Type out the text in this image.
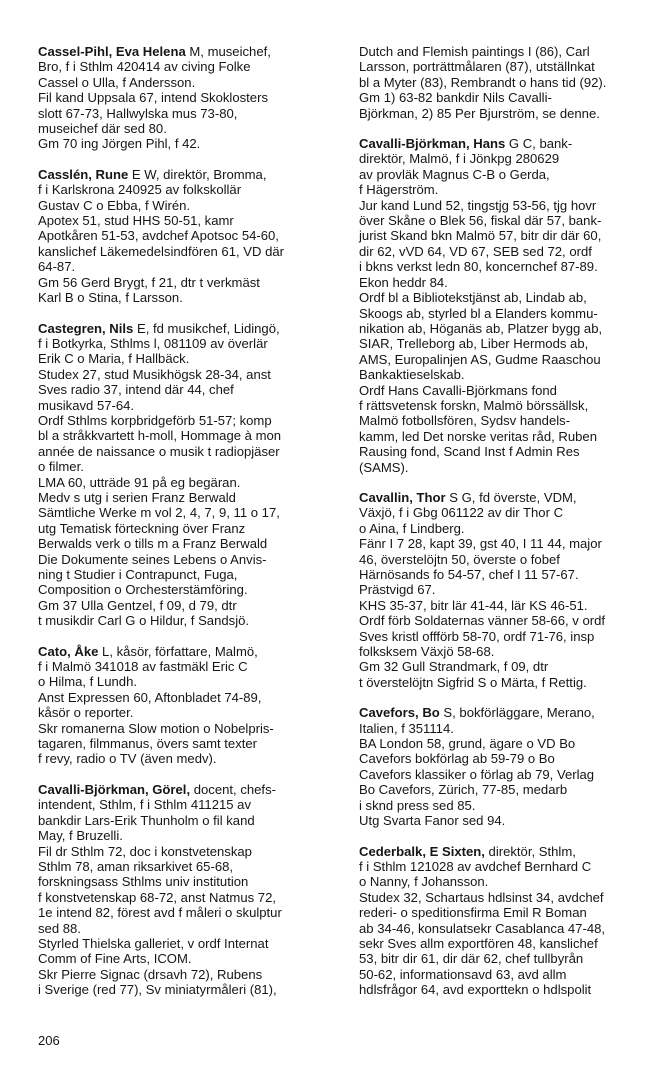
Cassel-Pihl, Eva Helena M, museichef,
Bro, f i Sthlm 420414 av civing Folke
Cassel o Ulla, f Andersson.
Fil kand Uppsala 67, intend Skoklosters
slott 67-73, Hallwylska mus 73-80,
museichef där sed 80.
Gm 70 ing Jörgen Pihl, f 42.
Casslén, Rune E W, direktör, Bromma,
f i Karlskrona 240925 av folkskollär
Gustav C o Ebba, f Wirén.
Apotex 51, stud HHS 50-51, kamr
Apotkåren 51-53, avdchef Apotsoc 54-60,
kanslichef Läkemedelsindfören 61, VD där
64-87.
Gm 56 Gerd Brygt, f 21, dtr t verkmäst
Karl B o Stina, f Larsson.
Castegren, Nils E, fd musikchef, Lidingö,
f i Botkyrka, Sthlms l, 081109 av överlär
Erik C o Maria, f Hallbäck.
Studex 27, stud Musikhögsk 28-34, anst
Sves radio 37, intend där 44, chef
musikavd 57-64.
Ordf Sthlms korpbridgeförb 51-57; komp
bl a stråkkvartett h-moll, Hommage à mon
année de naissance o musik t radiopjäser
o filmer.
LMA 60, utträde 91 på eg begäran.
Medv s utg i serien Franz Berwald
Sämtliche Werke m vol 2, 4, 7, 9, 11 o 17,
utg Tematisk förteckning över Franz
Berwalds verk o tills m a Franz Berwald
Die Dokumente seines Lebens o Anvis-
ning t Studier i Contrapunct, Fuga,
Composition o Orchesterstämföring.
Gm 37 Ulla Gentzel, f 09, d 79, dtr
t musikdir Carl G o Hildur, f Sandsjö.
Cato, Åke L, kåsör, författare, Malmö,
f i Malmö 341018 av fastmäkl Eric C
o Hilma, f Lundh.
Anst Expressen 60, Aftonbladet 74-89,
kåsör o reporter.
Skr romanerna Slow motion o Nobelpris-
tagaren, filmmanus, övers samt texter
f revy, radio o TV (även medv).
Cavalli-Björkman, Görel, docent, chefs-
intendent, Sthlm, f i Sthlm 411215 av
bankdir Lars-Erik Thunholm o fil kand
May, f Bruzelli.
Fil dr Sthlm 72, doc i konstvetenskap
Sthlm 78, aman riksarkivet 65-68,
forskningsass Sthlms univ institution
f konstvetenskap 68-72, anst Natmus 72,
1e intend 82, förest avd f måleri o skulptur
sed 88.
Styrled Thielska galleriet, v ordf Internat
Comm of Fine Arts, ICOM.
Skr Pierre Signac (drsavh 72), Rubens
i Sverige (red 77), Sv miniatyrmåleri (81),
Dutch and Flemish paintings I (86), Carl
Larsson, porträttmålaren (87), utställnkat
bl a Myter (83), Rembrandt o hans tid (92).
Gm 1) 63-82 bankdir Nils Cavalli-
Björkman, 2) 85 Per Bjurström, se denne.
Cavalli-Björkman, Hans G C, bank-
direktör, Malmö, f i Jönkpg 280629
av provläk Magnus C-B o Gerda,
f Hägerström.
Jur kand Lund 52, tingstjg 53-56, tjg hovr
över Skåne o Blek 56, fiskal där 57, bank-
jurist Skand bkn Malmö 57, bitr dir där 60,
dir 62, vVD 64, VD 67, SEB sed 72, ordf
i bkns verkst ledn 80, koncernchef 87-89.
Ekon heddr 84.
Ordf bl a Bibliotekstjänst ab, Lindab ab,
Skoogs ab, styrled bl a Elanders kommu-
nikation ab, Höganäs ab, Platzer bygg ab,
SIAR, Trelleborg ab, Liber Hermods ab,
AMS, Europalinjen AS, Gudme Raaschou
Bankaktieselskab.
Ordf Hans Cavalli-Björkmans fond
f rättsvetensk forskn, Malmö börssällsk,
Malmö fotbollsfören, Sydsv handels-
kamm, led Det norske veritas råd, Ruben
Rausing fond, Scand Inst f Admin Res
(SAMS).
Cavallin, Thor S G, fd överste, VDM,
Växjö, f i Gbg 061122 av dir Thor C
o Aina, f Lindberg.
Fänr I 7 28, kapt 39, gst 40, I 11 44, major
46, överstelöjtn 50, överste o fobef
Härnösands fo 54-57, chef I 11 57-67.
Prästvigd 67.
KHS 35-37, bitr lär 41-44, lär KS 46-51.
Ordf förb Soldaternas vänner 58-66, v ordf
Sves kristl offförb 58-70, ordf 71-76, insp
folksksem Växjö 58-68.
Gm 32 Gull Strandmark, f 09, dtr
t överstelöjtn Sigfrid S o Märta, f Rettig.
Cavefors, Bo S, bokförläggare, Merano,
Italien, f 351114.
BA London 58, grund, ägare o VD Bo
Cavefors bokförlag ab 59-79 o Bo
Cavefors klassiker o förlag ab 79, Verlag
Bo Cavefors, Zürich, 77-85, medarb
i sknd press sed 85.
Utg Svarta Fanor sed 94.
Cederbalk, E Sixten, direktör, Sthlm,
f i Sthlm 121028 av avdchef Bernhard C
o Nanny, f Johansson.
Studex 32, Schartaus hdlsinst 34, avdchef
rederi- o speditionsfirma Emil R Boman
ab 34-46, konsulatsekr Casablanca 47-48,
sekr Sves allm exportfören 48, kanslichef
53, bitr dir 61, dir där 62, chef tullbyrån
50-62, informationsavd 63, avd allm
hdlsfrågor 64, avd exporttekn o hdlspolit
206
